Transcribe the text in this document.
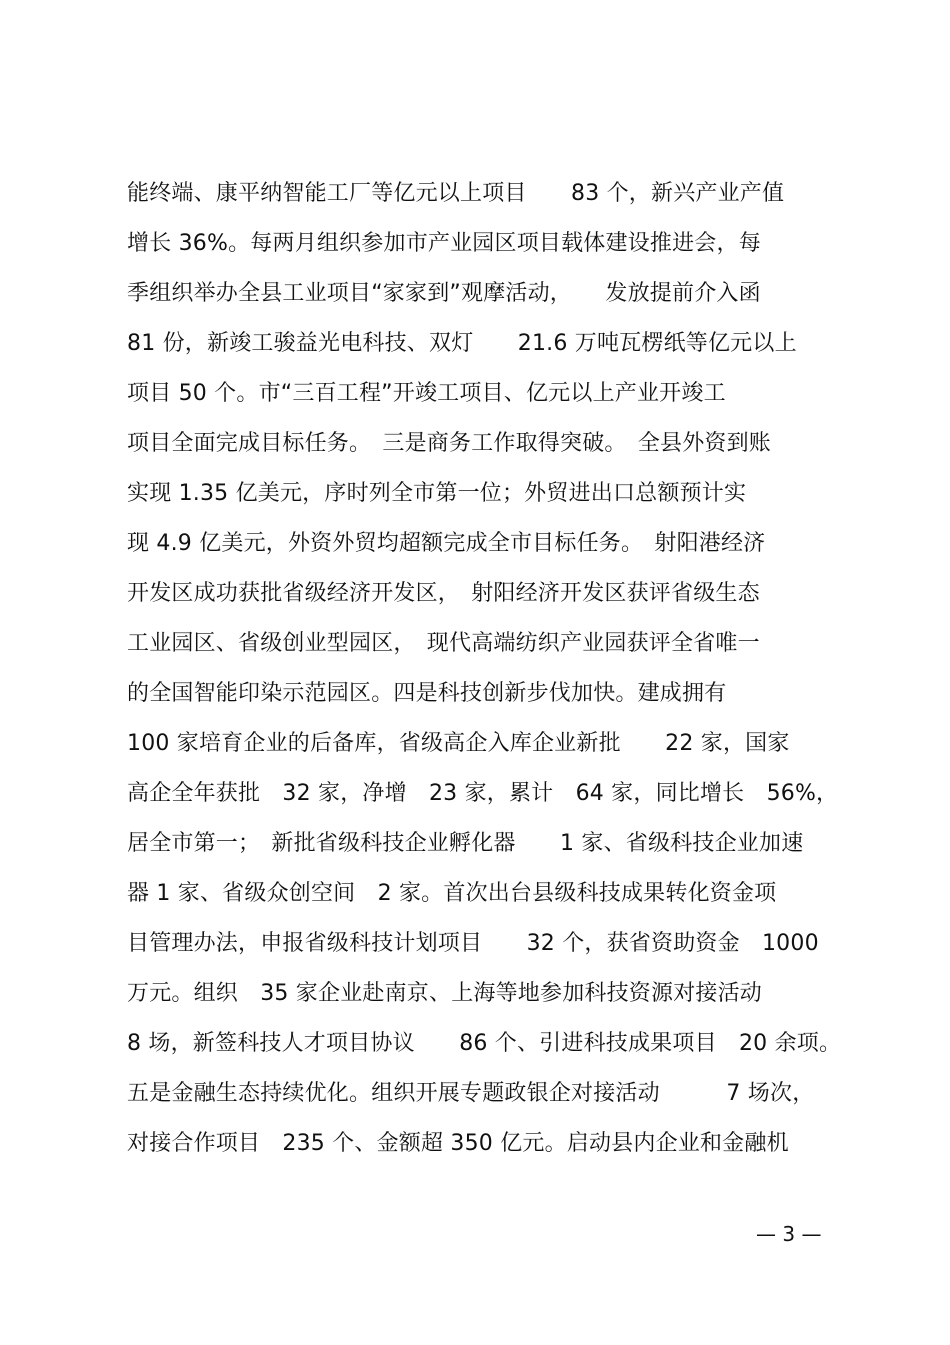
能终端、康平纳智能工厂等亿元以上项目　　83 个，新兴产业产值
增长 36%。每两月组织参加市产业园区项目载体建设推进会，每
季组织举办全县工业项目“家家到”观摩活动，　　发放提前介入函
81 份，新竣工骏益光电科技、双灯　　21.6 万吨瓦楞纸等亿元以上
项目 50 个。市“三百工程”开竣工项目、亿元以上产业开竣工
项目全面完成目标任务。　三是商务工作取得突破。　全县外资到账
实现 1.35 亿美元，序时列全市第一位；外贸进出口总额预计实
现 4.9 亿美元，外资外贸均超额完成全市目标任务。　射阳港经济
开发区成功获批省级经济开发区，　射阳经济开发区获评省级生态
工业园区、省级创业型园区，　现代高端纺织产业园获评全省唯一
的全国智能印染示范园区。四是科技创新步伐加快。建成拥有
100 家培育企业的后备库，省级高企入库企业新批　　22 家，国家
高企全年获批　32 家，净增　23 家，累计　64 家，同比增长　56%，
居全市第一；　新批省级科技企业孵化器　　1 家、省级科技企业加速
器 1 家、省级众创空间　2 家。首次出台县级科技成果转化资金项
目管理办法，申报省级科技计划项目　　32 个，获省资助资金　1000
万元。组织　35 家企业赴南京、上海等地参加科技资源对接活动
8 场，新签科技人才项目协议　　86 个、引进科技成果项目　20 余项。
五是金融生态持续优化。组织开展专题政银企对接活动　　　7 场次，
对接合作项目　235 个、金额超 350 亿元。启动县内企业和金融机
— 3 —
